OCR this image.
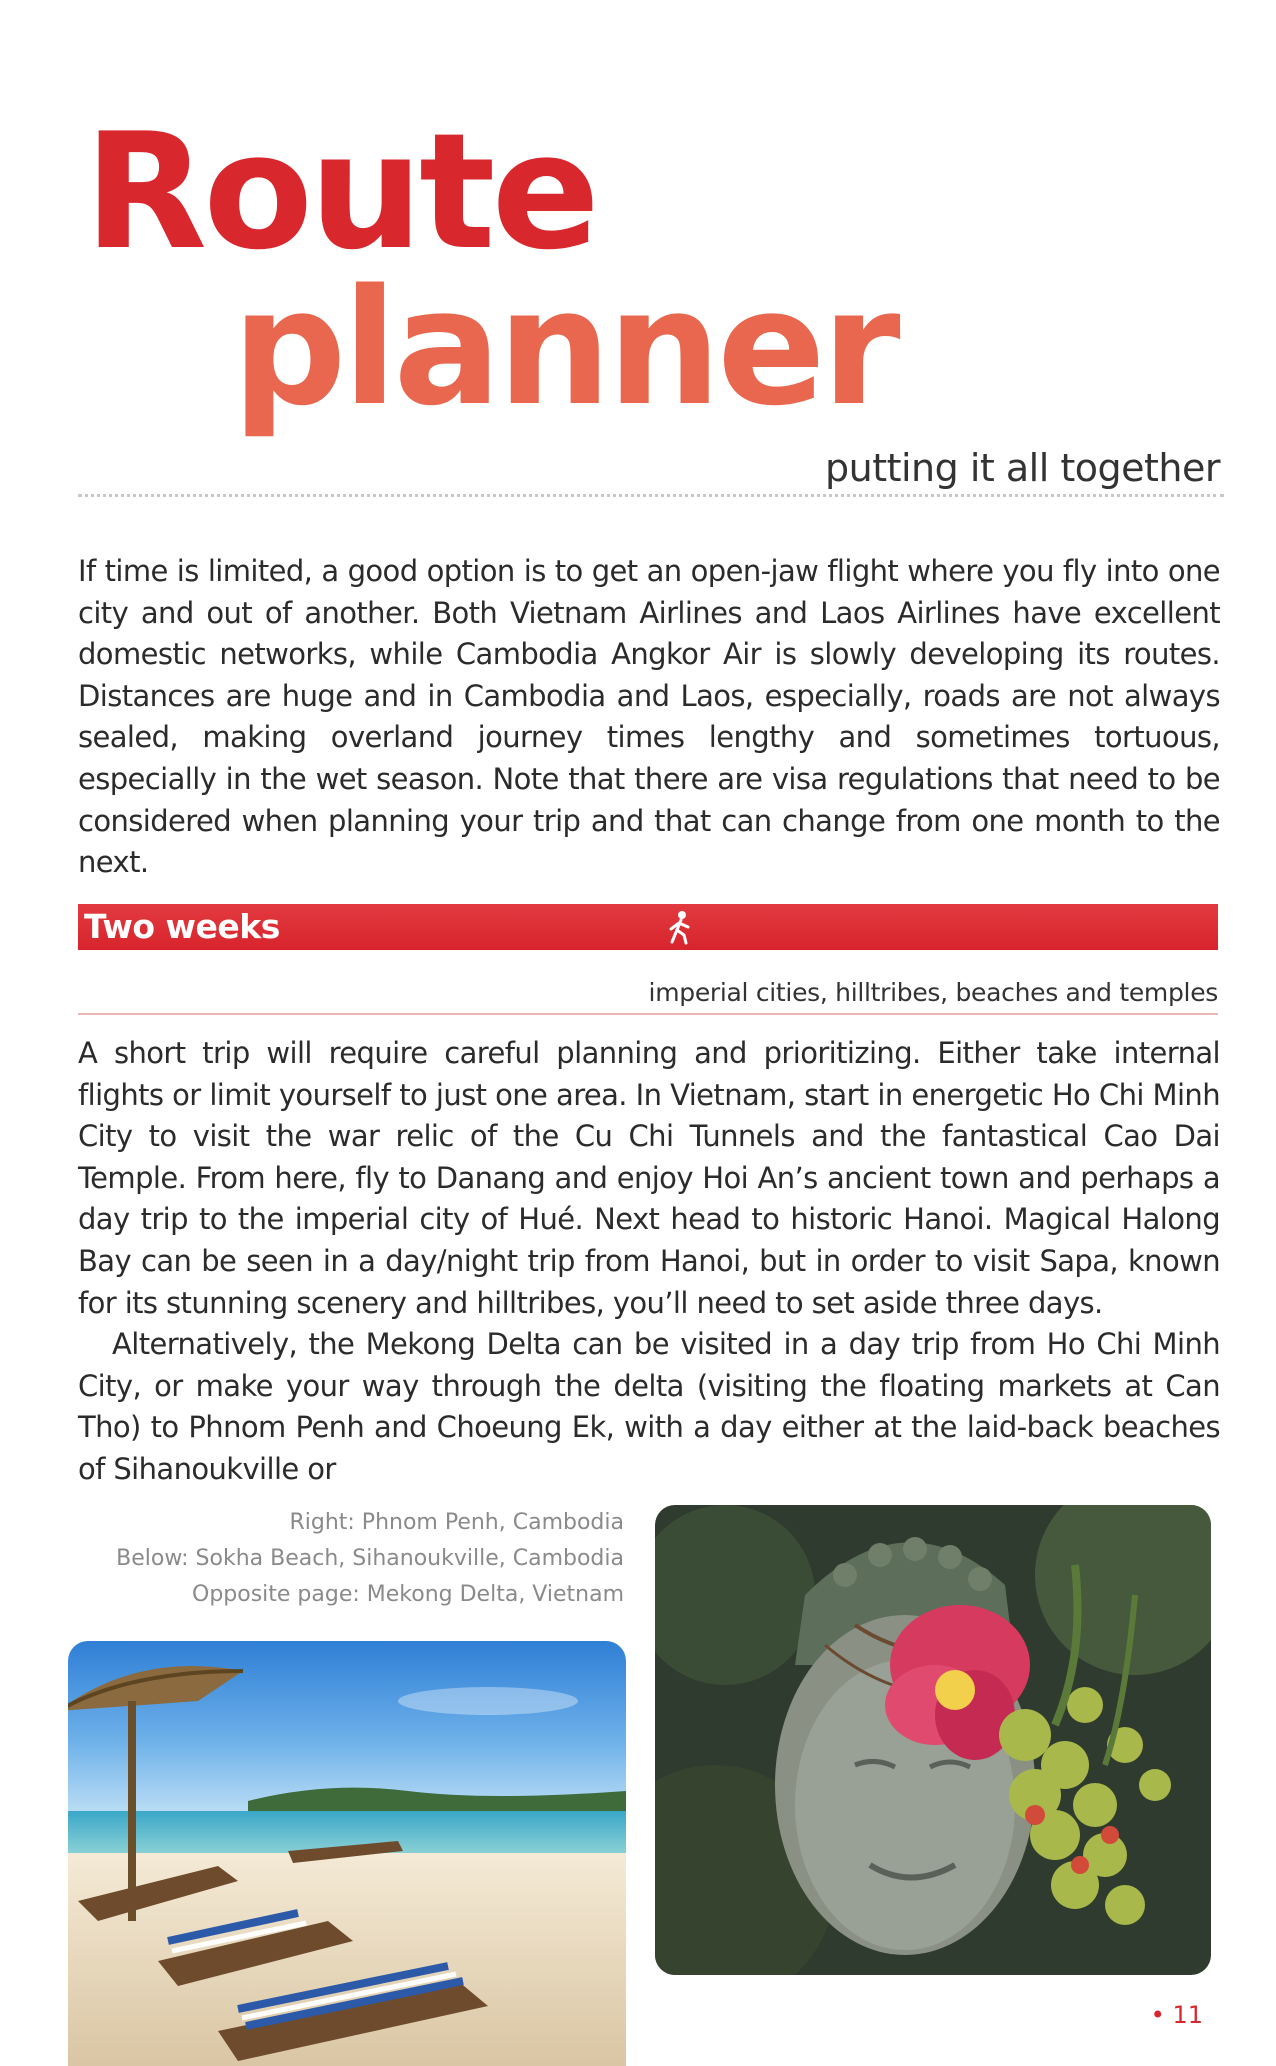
Route
planner
putting it all together

If time is limited, a good option is to get an open-jaw flight where you fly into one city and out of another. Both Vietnam Airlines and Laos Airlines have excellent domestic networks, while Cambodia Angkor Air is slowly developing its routes. Distances are huge and in Cambodia and Laos, especially, roads are not always sealed, making overland journey times lengthy and sometimes tortuous, especially in the wet season. Note that there are visa regulations that need to be considered when planning your trip and that can change from one month to the next.

Two weeks
imperial cities, hilltribes, beaches and temples
A short trip will require careful planning and prioritizing. Either take internal flights or limit yourself to just one area. In Vietnam, start in energetic Ho Chi Minh City to visit the war relic of the Cu Chi Tunnels and the fantastical Cao Dai Temple. From here, fly to Danang and enjoy Hoi An’s ancient town and perhaps a day trip to the imperial city of Hué. Next head to historic Hanoi. Magical Halong Bay can be seen in a day/night trip from Hanoi, but in order to visit Sapa, known for its stunning scenery and hilltribes, you’ll need to set aside three days.
Alternatively, the Mekong Delta can be visited in a day trip from Ho Chi Minh City, or make your way through the delta (visiting the floating markets at Can Tho) to Phnom Penh and Choeung Ek, with a day either at the laid-back beaches of Sihanoukville or
Right: Phnom Penh, Cambodia
Below: Sokha Beach, Sihanoukville, Cambodia
Opposite page: Mekong Delta, Vietnam
• 11
